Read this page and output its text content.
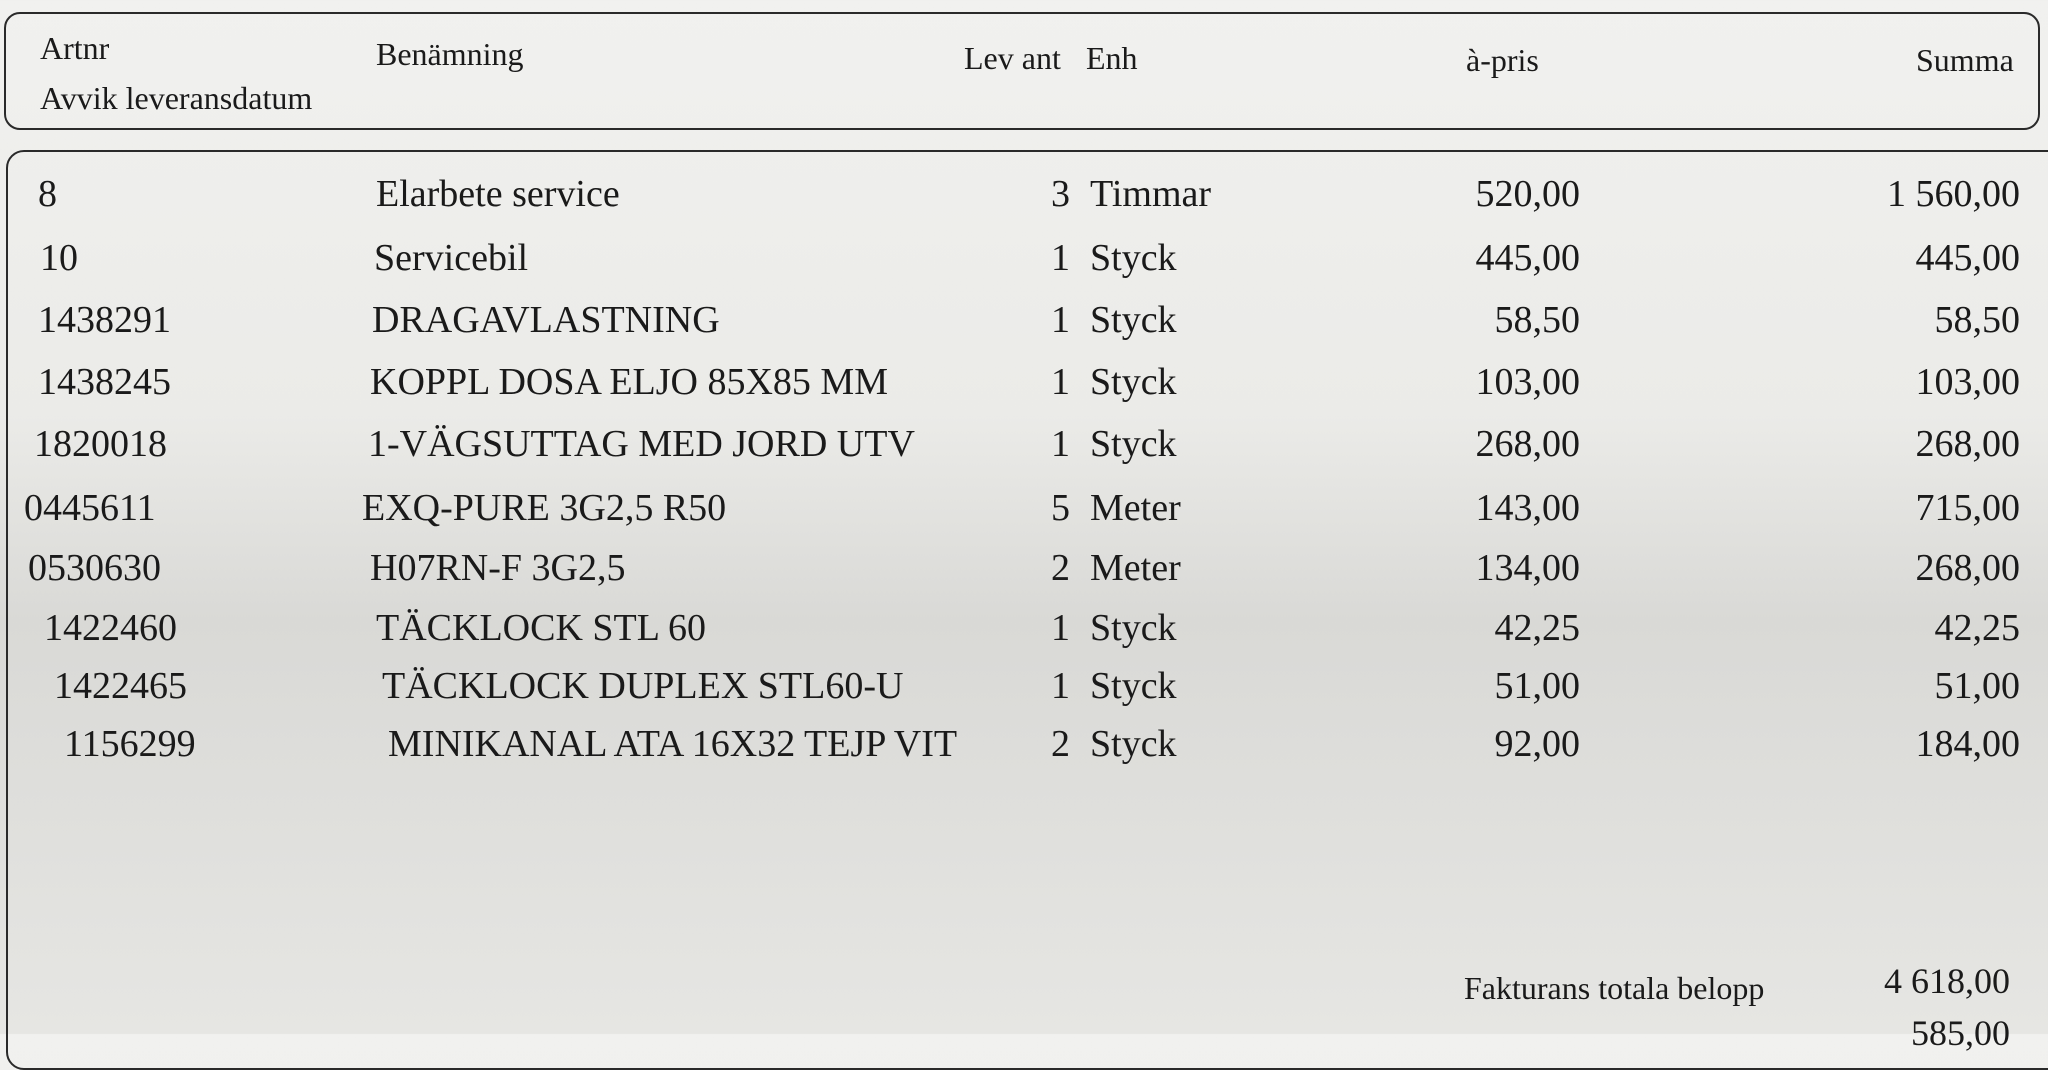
Artnr
Avvik leveransdatum
Benämning	Lev ant Enh	à-pris	Summa
8	Elarbete service	3 Timmar	520,00	1 560,00
10	Servicebil	1 Styck	445,00	445,00
1438291	DRAGAVLASTNING	1 Styck	58,50	58,50
1438245	KOPPL DOSA ELJO 85X85 MM	1 Styck	103,00	103,00
1820018	1-VÄGSUTTAG MED JORD UTV	1 Styck	268,00	268,00
0445611	EXQ-PURE 3G2,5 R50	5 Meter	143,00	715,00
0530630	H07RN-F 3G2,5	2 Meter	134,00	268,00
1422460	TÄCKLOCK STL 60	1 Styck	42,25	42,25
1422465	TÄCKLOCK DUPLEX STL60-U	1 Styck	51,00	51,00
1156299	MINIKANAL ATA 16X32 TEJP VIT	2 Styck	92,00	184,00
Fakturans totala belopp	4 618,00
585,00
